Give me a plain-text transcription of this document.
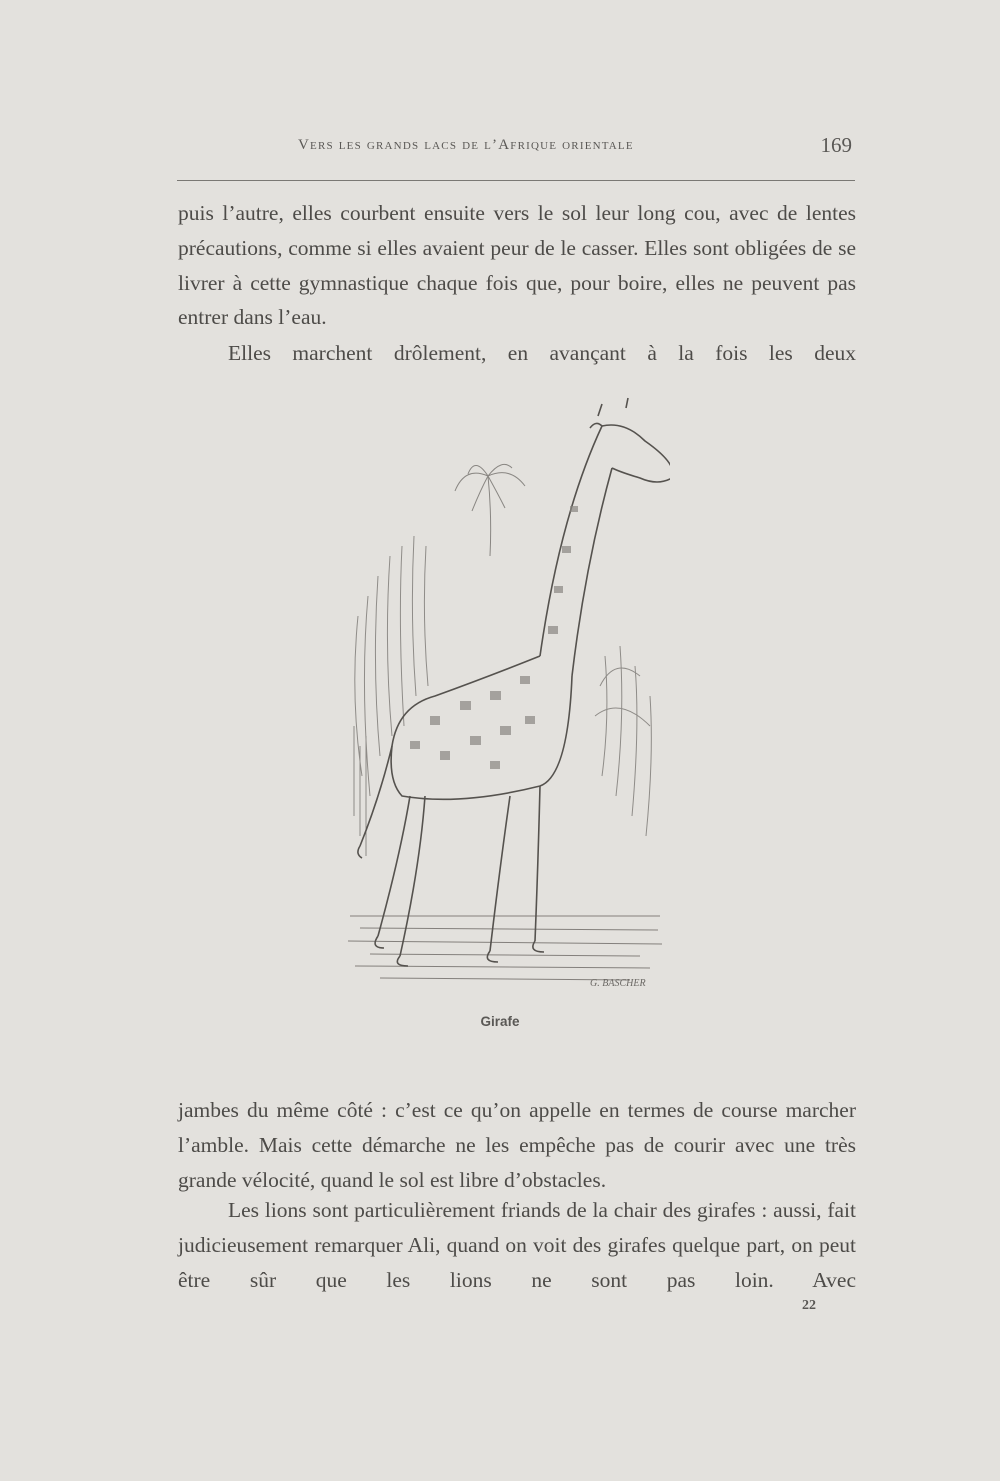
Vers les grands lacs de l’Afrique orientale	169
puis l’autre, elles courbent ensuite vers le sol leur long cou, avec de lentes précautions, comme si elles avaient peur de le casser. Elles sont obligées de se livrer à cette gymnastique chaque fois que, pour boire, elles ne peuvent pas entrer dans l’eau.
Elles marchent drôlement, en avançant à la fois les deux
G. BASCHER
Girafe
jambes du même côté : c’est ce qu’on appelle en termes de course marcher l’amble. Mais cette démarche ne les empêche pas de courir avec une très grande vélocité, quand le sol est libre d’obstacles.
Les lions sont particulièrement friands de la chair des girafes : aussi, fait judicieusement remarquer Ali, quand on voit des girafes quelque part, on peut être sûr que les lions ne sont pas loin. Avec
22
